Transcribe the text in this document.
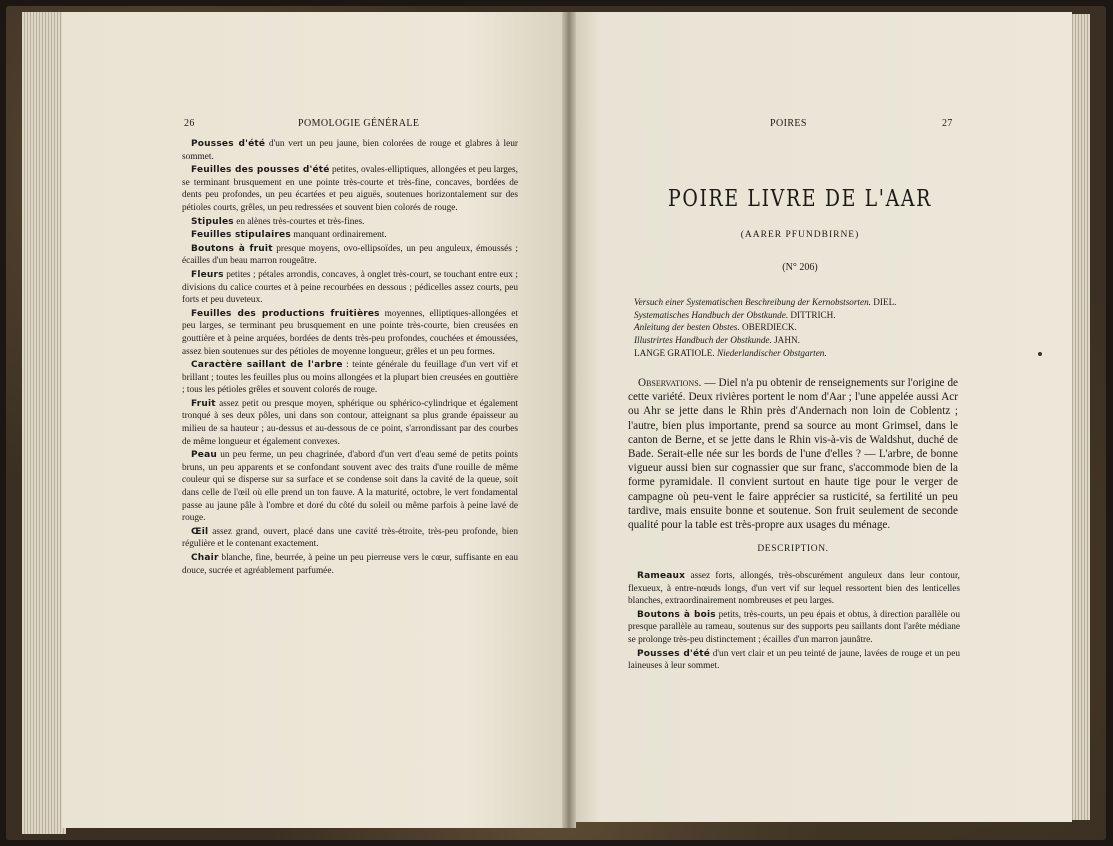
26	POMOLOGIE GÉNÉRALE

Pousses d'été d'un vert un peu jaune, bien colorées de rouge et glabres à leur sommet.

Feuilles des pousses d'été petites, ovales-elliptiques, allongées et peu larges, se terminant brusquement en une pointe très-courte et très-fine, concaves, bordées de dents peu profondes, un peu écartées et peu aiguës, soutenues horizontalement sur des pétioles courts, grêles, un peu redressées et souvent bien colorés de rouge.

Stipules en alènes très-courtes et très-fines.

Feuilles stipulaires manquant ordinairement.

Boutons à fruit presque moyens, ovo-ellipsoïdes, un peu anguleux, émoussés ; écailles d'un beau marron rougeâtre.

Fleurs petites ; pétales arrondis, concaves, à onglet très-court, se touchant entre eux ; divisions du calice courtes et à peine recourbées en dessous ; pédicelles assez courts, peu forts et peu duveteux.

Feuilles des productions fruitières moyennes, elliptiques-allongées et peu larges, se terminant peu brusquement en une pointe très-courte, bien creusées en gouttière et à peine arquées, bordées de dents très-peu profondes, couchées et émoussées, assez bien soutenues sur des pétioles de moyenne longueur, grêles et un peu formes.

Caractère saillant de l'arbre : teinte générale du feuillage d'un vert vif et brillant ; toutes les feuilles plus ou moins allongées et la plupart bien creusées en gouttière ; tous les pétioles grêles et souvent colorés de rouge.

Fruit assez petit ou presque moyen, sphérique ou sphérico-cylindrique et également tronqué à ses deux pôles, uni dans son contour, atteignant sa plus grande épaisseur au milieu de sa hauteur ; au-dessus et au-dessous de ce point, s'arrondissant par des courbes de même longueur et également convexes.

Peau un peu ferme, un peu chagrinée, d'abord d'un vert d'eau semé de petits points bruns, un peu apparents et se confondant souvent avec des traits d'une rouille de même couleur qui se disperse sur sa surface et se condense soit dans la cavité de la queue, soit dans celle de l'œil où elle prend un ton fauve. A la maturité, octobre, le vert fondamental passe au jaune pâle à l'ombre et doré du côté du soleil ou même parfois à peine lavé de rouge.

Œil assez grand, ouvert, placé dans une cavité très-étroite, très-peu profonde, bien régulière et le contenant exactement.

Chair blanche, fine, beurrée, à peine un peu pierreuse vers le cœur, suffisante en eau douce, sucrée et agréablement parfumée.

POIRES	27
POIRE LIVRE DE L'AAR
(AARER PFUNDBIRNE)
(N° 206)
Versuch einer Systematischen Beschreibung der Kernobstsorten. DIEL.
Systematisches Handbuch der Obstkunde. DITTRICH.
Anleitung der besten Obstes. OBERDIECK.
Illustrirtes Handbuch der Obstkunde. JAHN.
LANGE GRATIOLE. Niederlandischer Obstgarten.

Observations. — Diel n'a pu obtenir de renseignements sur l'origine de cette variété. Deux rivières portent le nom d'Aar ; l'une appelée aussi Acr ou Ahr se jette dans le Rhin près d'Andernach non loin de Coblentz ; l'autre, bien plus importante, prend sa source au mont Grimsel, dans le canton de Berne, et se jette dans le Rhin vis-à-vis de Waldshut, duché de Bade. Serait-elle née sur les bords de l'une d'elles ? — L'arbre, de bonne vigueur aussi bien sur cognassier que sur franc, s'accommode bien de la forme pyramidale. Il convient surtout en haute tige pour le verger de campagne où peu-vent le faire apprécier sa rusticité, sa fertilité un peu tardive, mais ensuite bonne et soutenue. Son fruit seulement de seconde qualité pour la table est très-propre aux usages du ménage.

DESCRIPTION.

Rameaux assez forts, allongés, très-obscurément anguleux dans leur contour, flexueux, à entre-nœuds longs, d'un vert vif sur lequel ressortent bien des lenticelles blanches, extraordinairement nombreuses et peu larges.

Boutons à bois petits, très-courts, un peu épais et obtus, à direction parallèle ou presque parallèle au rameau, soutenus sur des supports peu saillants dont l'arête médiane se prolonge très-peu distinctement ; écailles d'un marron jaunâtre.

Pousses d'été d'un vert clair et un peu teinté de jaune, lavées de rouge et un peu laineuses à leur sommet.
